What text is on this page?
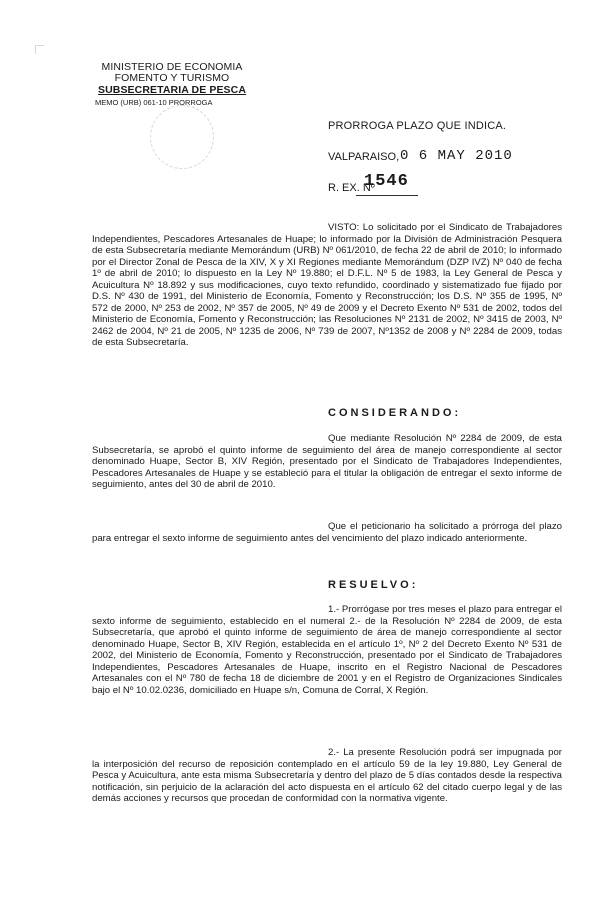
MINISTERIO DE ECONOMIA
FOMENTO Y TURISMO
SUBSECRETARIA DE PESCA
MEMO (URB) 061-10 PRORROGA
PRORROGA PLAZO QUE INDICA.
VALPARAISO, 0 6 MAY 2010
R. EX. Nº
1546
VISTO: Lo solicitado por el Sindicato de Trabajadores Independientes, Pescadores Artesanales de Huape; lo informado por la División de Administración Pesquera de esta Subsecretaría mediante Memorándum (URB) Nº 061/2010, de fecha 22 de abril de 2010; lo informado por el Director Zonal de Pesca de la XIV, X y XI Regiones mediante Memorándum (DZP IVZ) Nº 040 de fecha 1º de abril de 2010; lo dispuesto en la Ley Nº 19.880; el D.F.L. Nº 5 de 1983, la Ley General de Pesca y Acuicultura Nº 18.892 y sus modificaciones, cuyo texto refundido, coordinado y sistematizado fue fijado por D.S. Nº 430 de 1991, del Ministerio de Economía, Fomento y Reconstrucción; los D.S. Nº 355 de 1995, Nº 572 de 2000, Nº 253 de 2002, Nº 357 de 2005, Nº 49 de 2009 y el Decreto Exento Nº 531 de 2002, todos del Ministerio de Economía, Fomento y Reconstrucción; las Resoluciones Nº 2131 de 2002, Nº 3415 de 2003, Nº 2462 de 2004, Nº 21 de 2005, Nº 1235 de 2006, Nº 739 de 2007, Nº1352 de 2008 y Nº 2284 de 2009, todas de esta Subsecretaría.
CONSIDERANDO:
Que mediante Resolución Nº 2284 de 2009, de esta Subsecretaría, se aprobó el quinto informe de seguimiento del área de manejo correspondiente al sector denominado Huape, Sector B, XIV Región, presentado por el Sindicato de Trabajadores Independientes, Pescadores Artesanales de Huape y se estableció para el titular la obligación de entregar el sexto informe de seguimiento, antes del 30 de abril de 2010.
Que el peticionario ha solicitado a prórroga del plazo para entregar el sexto informe de seguimiento antes del vencimiento del plazo indicado anteriormente.
RESUELVO:
1.- Prorrógase por tres meses el plazo para entregar el sexto informe de seguimiento, establecido en el numeral 2.- de la Resolución Nº 2284 de 2009, de esta Subsecretaría, que aprobó el quinto informe de seguimiento de área de manejo correspondiente al sector denominado Huape, Sector B, XIV Región, establecida en el artículo 1º, Nº 2 del Decreto Exento Nº 531 de 2002, del Ministerio de Economía, Fomento y Reconstrucción, presentado por el Sindicato de Trabajadores Independientes, Pescadores Artesanales de Huape, inscrito en el Registro Nacional de Pescadores Artesanales con el Nº 780 de fecha 18 de diciembre de 2001 y en el Registro de Organizaciones Sindicales bajo el Nº 10.02.0236, domiciliado en Huape s/n, Comuna de Corral, X Región.
2.- La presente Resolución podrá ser impugnada por la interposición del recurso de reposición contemplado en el artículo 59 de la ley 19.880, Ley General de Pesca y Acuicultura, ante esta misma Subsecretaría y dentro del plazo de 5 días contados desde la respectiva notificación, sin perjuicio de la aclaración del acto dispuesta en el artículo 62 del citado cuerpo legal y de las demás acciones y recursos que procedan de conformidad con la normativa vigente.
